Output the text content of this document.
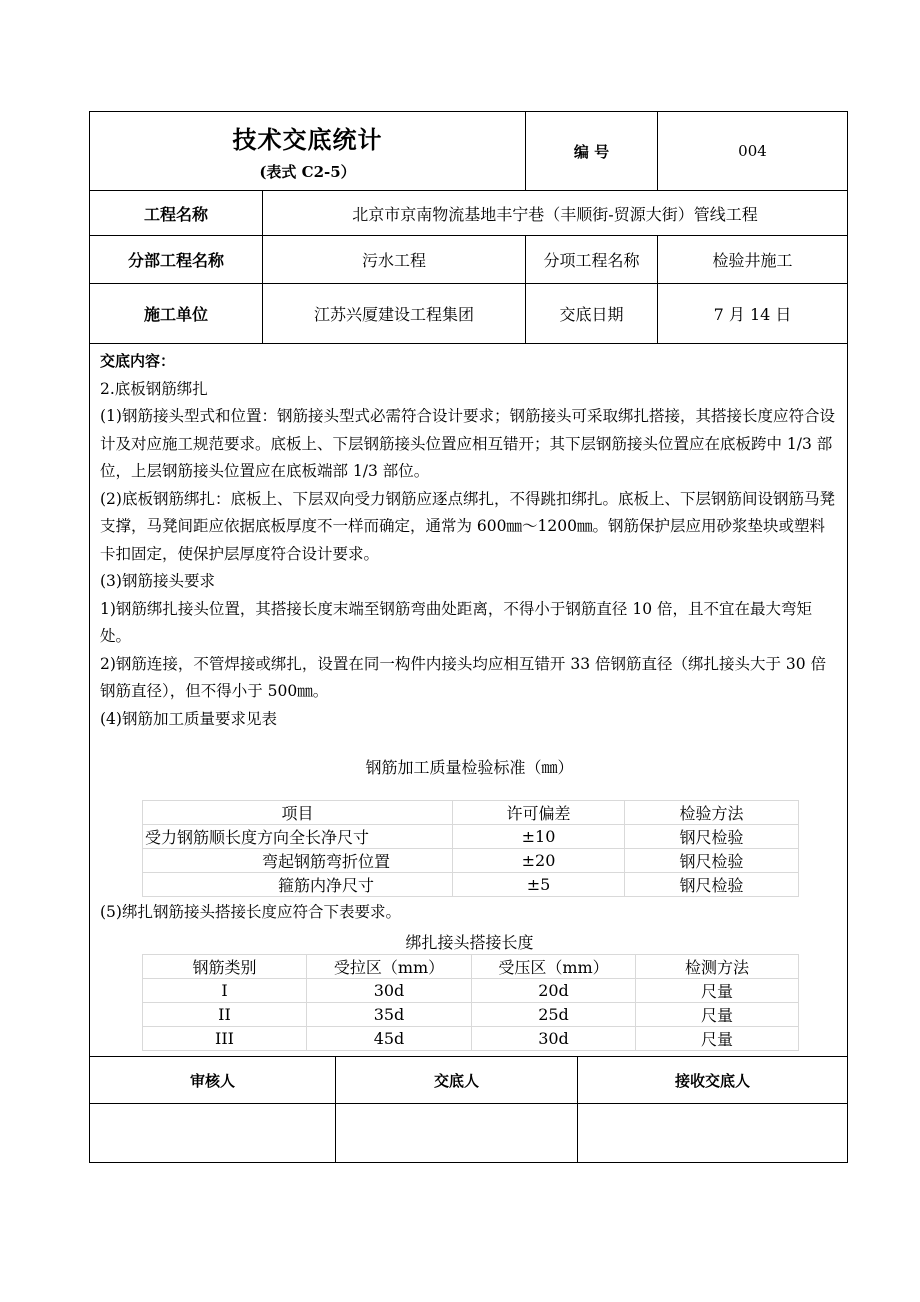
技术交底统计
(表式 C2-5）
	编 号	004
工程名称	北京市京南物流基地丰宁巷（丰顺街-贸源大街）管线工程
分部工程名称	污水工程	分项工程名称	检验井施工
施工单位	江苏兴厦建设工程集团	交底日期	7 月 14 日

交底内容：

2.底板钢筋绑扎

(1)钢筋接头型式和位置：钢筋接头型式必需符合设计要求；钢筋接头可采取绑扎搭接，其搭接长度应符合设计及对应施工规范要求。底板上、下层钢筋接头位置应相互错开；其下层钢筋接头位置应在底板跨中 1/3 部位，上层钢筋接头位置应在底板端部 1/3 部位。

(2)底板钢筋绑扎：底板上、下层双向受力钢筋应逐点绑扎，不得跳扣绑扎。底板上、下层钢筋间设钢筋马凳支撑，马凳间距应依据底板厚度不一样而确定，通常为 600㎜～1200㎜。钢筋保护层应用砂浆垫块或塑料卡扣固定，使保护层厚度符合设计要求。

(3)钢筋接头要求

1)钢筋绑扎接头位置，其搭接长度末端至钢筋弯曲处距离，不得小于钢筋直径 10 倍，且不宜在最大弯矩处。

2)钢筋连接，不管焊接或绑扎，设置在同一构件内接头均应相互错开 33 倍钢筋直径（绑扎接头大于 30 倍钢筋直径），但不得小于 500㎜。

(4)钢筋加工质量要求见表

钢筋加工质量检验标准（㎜）
项目	许可偏差	检验方法
受力钢筋顺长度方向全长净尺寸	±10	钢尺检验
弯起钢筋弯折位置	±20	钢尺检验
箍筋内净尺寸	±5	钢尺检验

(5)绑扎钢筋接头搭接长度应符合下表要求。

绑扎接头搭接长度
钢筋类别	受拉区（mm）	受压区（mm）	检测方法
I	30d	20d	尺量
II	35d	25d	尺量
III	45d	30d	尺量
审核人	交底人	接收交底人
